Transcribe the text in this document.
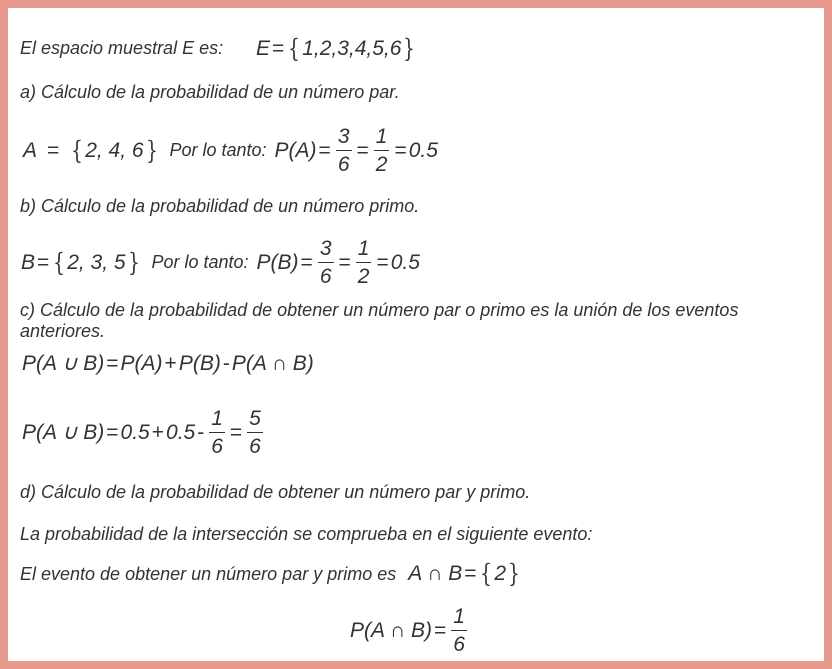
El espacio muestral E es: E = { 1,2,3,4,5,6 }
a) Cálculo de la probabilidad de un número par.
A = { 2, 4, 6 } Por lo tanto: $P(A) = \frac{3}{6} = \frac{1}{2} = 0.5$
b) Cálculo de la probabilidad de un número primo.
B = { 2, 3, 5 } Por lo tanto: $P(B) = \frac{3}{6} = \frac{1}{2} = 0.5$
c) Cálculo de la probabilidad de obtener un número par o primo es la unión de los eventos
anteriores.
P(A ∪ B) = P(A) + P(B) - P(A ∩ B)
P(A ∪ $B) = 0.5 + 0.5 - \frac{1}{6} = \frac{5}{6}$
d) Cálculo de la probabilidad de obtener un número par y primo.
La probabilidad de la intersección se comprueba en el siguiente evento:
El evento de obtener un número par y primo es A ∩ B = { 2 }
P(A ∩ $B) = \frac{1}{6}$
